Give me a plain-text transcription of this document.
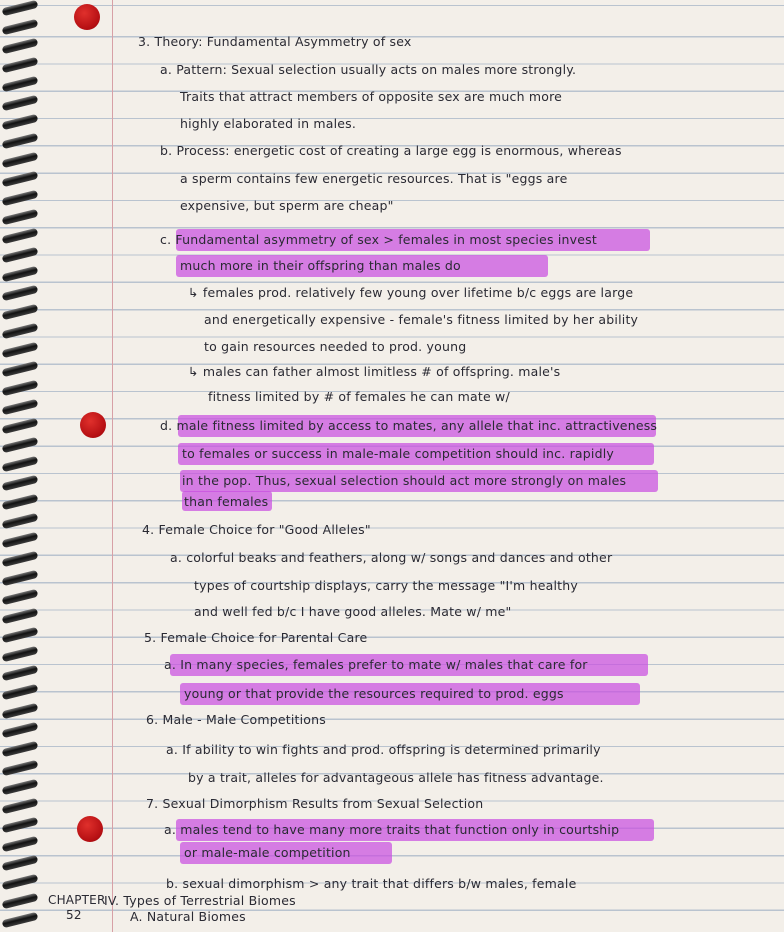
3. Theory: Fundamental Asymmetry of sex
a. Pattern: Sexual selection usually acts on males more strongly.
Traits that attract members of opposite sex are much more
highly elaborated in males.
b. Process: energetic cost of creating a large egg is enormous, whereas
a sperm contains few energetic resources. That is "eggs are
expensive, but sperm are cheap"
c. Fundamental asymmetry of sex > females in most species invest
much more in their offspring than males do
↳ females prod. relatively few young over lifetime b/c eggs are large
and energetically expensive - female's fitness limited by her ability
to gain resources needed to prod. young
↳ males can father almost limitless # of offspring. male's
fitness limited by # of females he can mate w/
d. male fitness limited by access to mates, any allele that inc. attractiveness
to females or success in male-male competition should inc. rapidly
in the pop. Thus, sexual selection should act more strongly on males
than females
4. Female Choice for "Good Alleles"
a. colorful beaks and feathers, along w/ songs and dances and other
types of courtship displays, carry the message "I'm healthy
and well fed b/c I have good alleles. Mate w/ me"
5. Female Choice for Parental Care
a. In many species, females prefer to mate w/ males that care for
young or that provide the resources required to prod. eggs
6. Male - Male Competitions
a. If ability to win fights and prod. offspring is determined primarily
by a trait, alleles for advantageous allele has fitness advantage.
7. Sexual Dimorphism Results from Sexual Selection
a. males tend to have many more traits that function only in courtship
or male-male competition
b. sexual dimorphism > any trait that differs b/w males, female
CHAPTER
52
IV. Types of Terrestrial Biomes
A. Natural Biomes
